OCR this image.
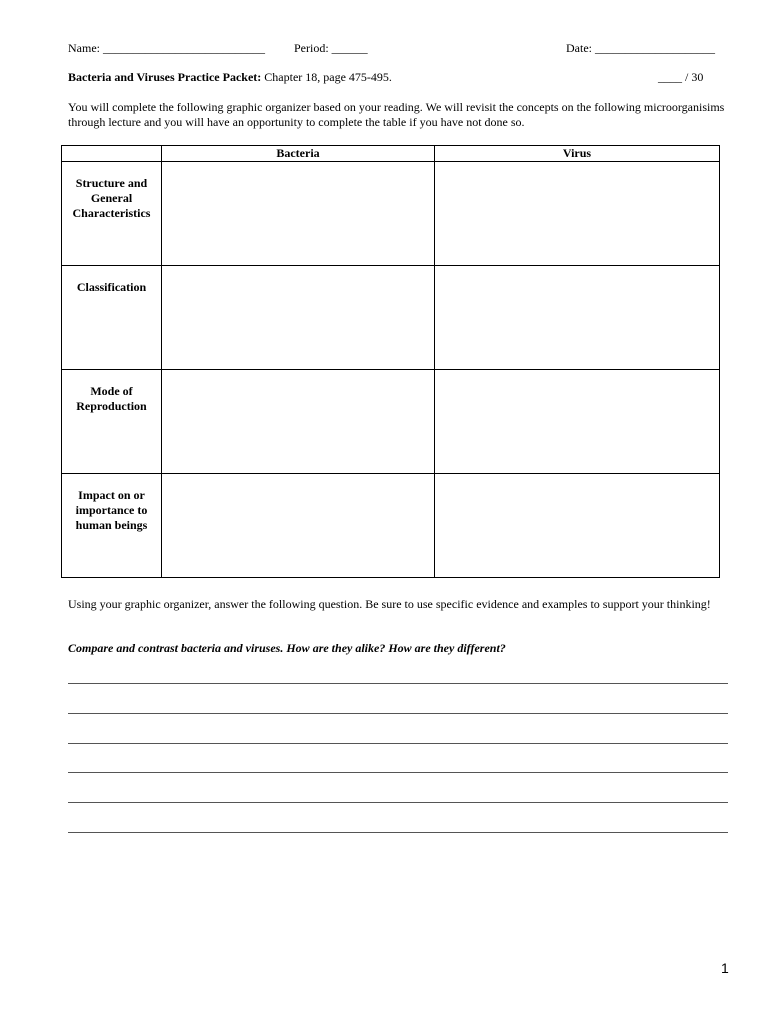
Name: ___________________________ Period: ______	Date: ____________________
Bacteria and Viruses Practice Packet: Chapter 18, page 475-495.	____ / 30
You will complete the following graphic organizer based on your reading. We will revisit the concepts on the following microorganisims through lecture and you will have an opportunity to complete the table if you have not done so.
	Bacteria	Virus
Structure and General Characteristics		
Classification		
Mode of Reproduction		
Impact on or importance to human beings		
Using your graphic organizer, answer the following question. Be sure to use specific evidence and examples to support your thinking!
Compare and contrast bacteria and viruses. How are they alike? How are they different?
1
